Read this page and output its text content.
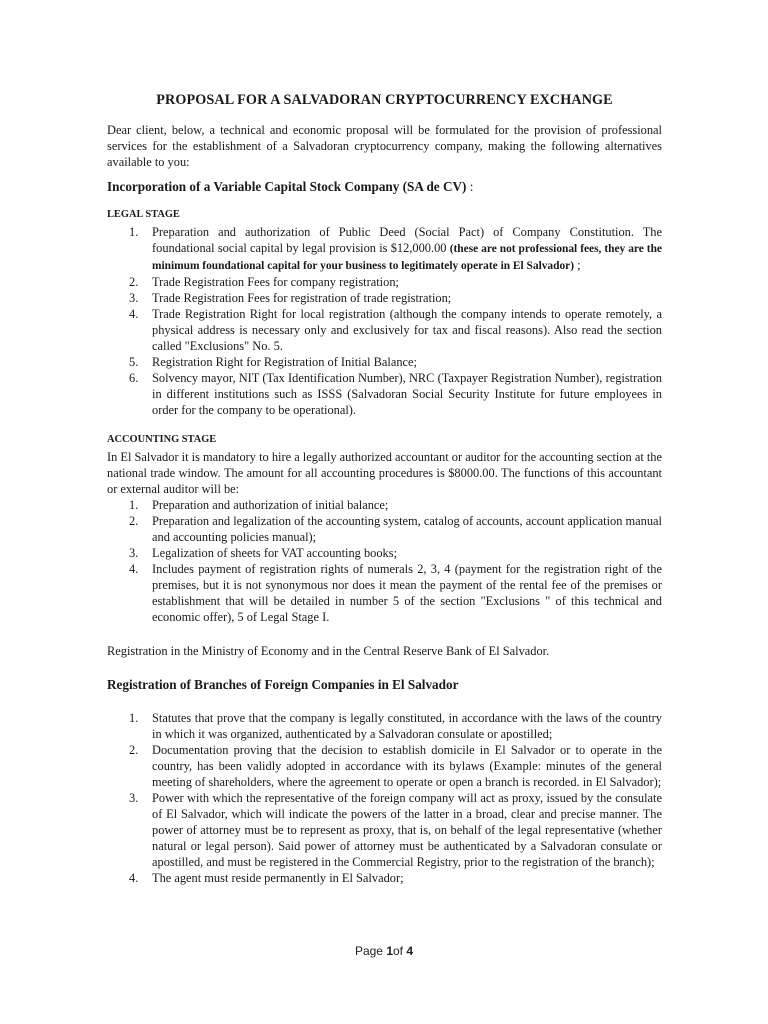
PROPOSAL FOR A SALVADORAN CRYPTOCURRENCY EXCHANGE

Dear client, below, a technical and economic proposal will be formulated for the provision of professional services for the establishment of a Salvadoran cryptocurrency company, making the following alternatives available to you:

Incorporation of a Variable Capital Stock Company (SA de CV) :
LEGAL STAGE
1. Preparation and authorization of Public Deed (Social Pact) of Company Constitution. The foundational social capital by legal provision is $12,000.00 (these are not professional fees, they are the minimum foundational capital for your business to legitimately operate in El Salvador) ;
2. Trade Registration Fees for company registration;
3. Trade Registration Fees for registration of trade registration;
4. Trade Registration Right for local registration (although the company intends to operate remotely, a physical address is necessary only and exclusively for tax and fiscal reasons). Also read the section called "Exclusions" No. 5.
5. Registration Right for Registration of Initial Balance;
6. Solvency mayor, NIT (Tax Identification Number), NRC (Taxpayer Registration Number), registration in different institutions such as ISSS (Salvadoran Social Security Institute for future employees in order for the company to be operational).
ACCOUNTING STAGE

In El Salvador it is mandatory to hire a legally authorized accountant or auditor for the accounting section at the national trade window. The amount for all accounting procedures is $8000.00. The functions of this accountant or external auditor will be:

1. Preparation and authorization of initial balance;
2. Preparation and legalization of the accounting system, catalog of accounts, account application manual and accounting policies manual);
3. Legalization of sheets for VAT accounting books;
4. Includes payment of registration rights of numerals 2, 3, 4 (payment for the registration right of the premises, but it is not synonymous nor does it mean the payment of the rental fee of the premises or establishment that will be detailed in number 5 of the section "Exclusions " of this technical and economic offer), 5 of Legal Stage I.

Registration in the Ministry of Economy and in the Central Reserve Bank of El Salvador.

Registration of Branches of Foreign Companies in El Salvador
1. Statutes that prove that the company is legally constituted, in accordance with the laws of the country in which it was organized, authenticated by a Salvadoran consulate or apostilled;
2. Documentation proving that the decision to establish domicile in El Salvador or to operate in the country, has been validly adopted in accordance with its bylaws (Example: minutes of the general meeting of shareholders, where the agreement to operate or open a branch is recorded. in El Salvador);
3. Power with which the representative of the foreign company will act as proxy, issued by the consulate of El Salvador, which will indicate the powers of the latter in a broad, clear and precise manner. The power of attorney must be to represent as proxy, that is, on behalf of the legal representative (whether natural or legal person). Said power of attorney must be authenticated by a Salvadoran consulate or apostilled, and must be registered in the Commercial Registry, prior to the registration of the branch);
4. The agent must reside permanently in El Salvador;
Page 1of 4
